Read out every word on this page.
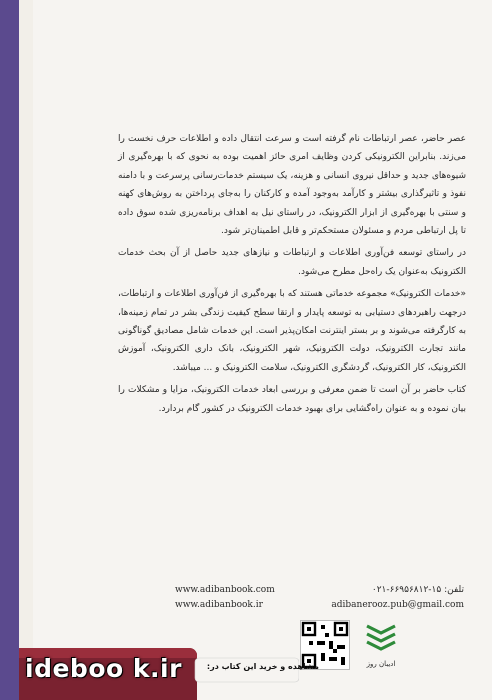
عصر حاضر، عصر ارتباطات نام گرفته است و سرعت انتقال داده و اطلاعات حرف نخست را می‌زند. بنابراین الکترونیکی کردن وظایف امری حائز اهمیت بوده به نحوی که با بهره‌گیری از شیوه‌های جدید و حداقل نیروی انسانی و هزینه، یک سیستم خدمات‌رسانی پرسرعت و با دامنه نفوذ و تاثیرگذاری بیشتر و کارآمد به‌وجود آمده و کارکنان را به‌جای پرداختن به روش‌های کهنه و سنتی با بهره‌گیری از ابزار الکترونیک، در راستای نیل به اهداف برنامه‌ریزی شده سوق داده تا پل ارتباطی مردم و مسئولان مستحکم‌تر و قابل اطمینان‌تر شود.

در راستای توسعه فن‌آوری اطلاعات و ارتباطات و نیازهای جدید حاصل از آن بحث خدمات الکترونیک به‌عنوان یک راه‌حل مطرح می‌شود.

«خدمات الکترونیک» مجموعه خدماتی هستند که با بهره‌گیری از فن‌آوری اطلاعات و ارتباطات، درجهت راهبردهای دستیابی به توسعه پایدار و ارتقا سطح کیفیت زندگی بشر در تمام زمینه‌ها، به کارگرفته می‌شوند و بر بستر اینترنت امکان‌پذیر است. این خدمات شامل مصادیق گوناگونی مانند تجارت الکترونیک، دولت الکترونیک، شهر الکترونیک، بانک داری الکترونیک، آموزش الکترونیک، کار الکترونیک، گردشگری الکترونیک، سلامت الکترونیک و ... میباشد.

کتاب حاضر بر آن است تا ضمن معرفی و بررسی ابعاد خدمات الکترونیک، مزایا و مشکلات را بیان نموده و به عنوان راه‌گشایی برای بهبود خدمات الکترونیک در کشور گام بردارد.

www.adibanbook.com
www.adibanbook.ir
تلفن: ۱۵-۶۶۹۵۶۸۱۲-۰۲۱
adibanerooz.pub@gmail.com
ادیبان روز
ideboo k.ir	مشاهده و خرید این کتاب در:
